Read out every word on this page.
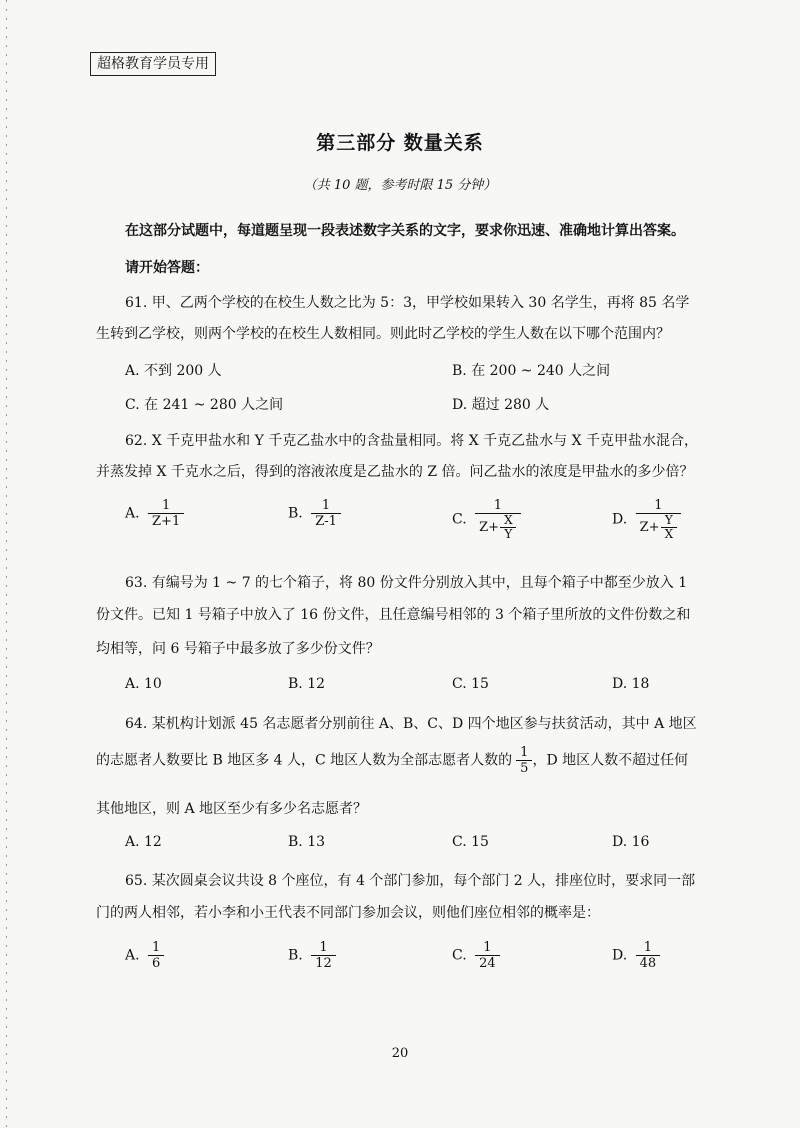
超格教育学员专用
第三部分 数量关系
（共 10 题，参考时限 15 分钟）
在这部分试题中，每道题呈现一段表述数字关系的文字，要求你迅速、准确地计算出答案。
请开始答题：
61. 甲、乙两个学校的在校生人数之比为 5：3，甲学校如果转入 30 名学生，再将 85 名学
生转到乙学校，则两个学校的在校生人数相同。则此时乙学校的学生人数在以下哪个范围内？
A. 不到 200 人	B. 在 200 ~ 240 人之间
C. 在 241 ~ 280 人之间	D. 超过 280 人
62. X 千克甲盐水和 Y 千克乙盐水中的含盐量相同。将 X 千克乙盐水与 X 千克甲盐水混合，
并蒸发掉 X 千克水之后，得到的溶液浓度是乙盐水的 Z 倍。问乙盐水的浓度是甲盐水的多少倍？
A. $\frac{1}{Z+1}$	B. $\frac{1}{Z-1}$	C. $\frac{1}{Z+ \frac{X}{Y}}$	D. $\frac{1}{Z+ \frac{Y}{X}}$
63. 有编号为 1 ~ 7 的七个箱子，将 80 份文件分别放入其中，且每个箱子中都至少放入 1
份文件。已知 1 号箱子中放入了 16 份文件，且任意编号相邻的 3 个箱子里所放的文件份数之和
均相等，问 6 号箱子中最多放了多少份文件？
A. 10	B. 12	C. 15	D. 18
64. 某机构计划派 45 名志愿者分别前往 A、B、C、D 四个地区参与扶贫活动，其中 A 地区
的志愿者人数要比 B 地区多 4 人，C 地区人数为全部志愿者人数的 $\frac{1}{5}$ ，D 地区人数不超过任何
其他地区，则 A 地区至少有多少名志愿者？
A. 12	B. 13	C. 15	D. 16
65. 某次圆桌会议共设 8 个座位，有 4 个部门参加，每个部门 2 人，排座位时，要求同一部
门的两人相邻，若小李和小王代表不同部门参加会议，则他们座位相邻的概率是：
A. $\frac{1}{6}$	B. $\frac{1}{12}$	C. $\frac{1}{24}$	D. $\frac{1}{48}$
20
